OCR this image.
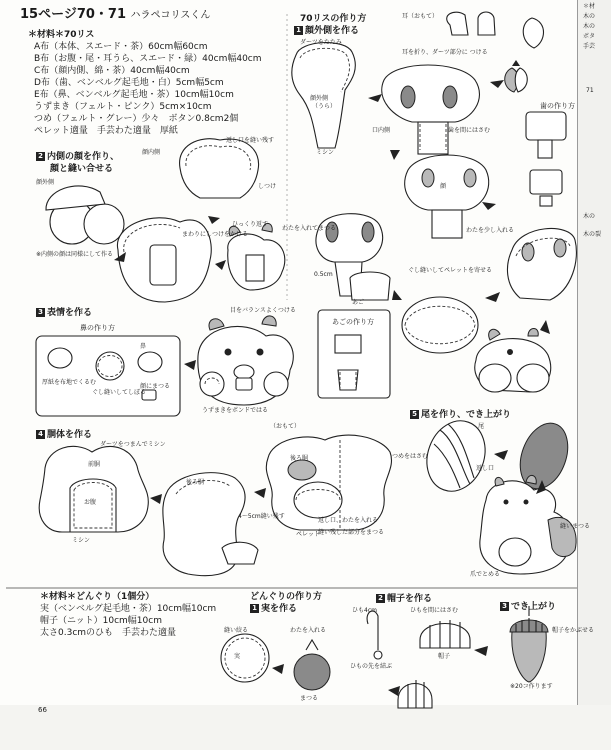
15ページ70・71 ハラペコリスくん
＊材料＊70リス
A布（本体、スエード・茶）60cm幅60cm
B布（お腹・尾・耳うら、スエード・緑）40cm幅40cm
C布（顔内側、綿・茶）40cm幅40cm
D布（歯、ベンベルグ起毛地・白）5cm幅5cm
E布（鼻、ベンベルグ起毛地・茶）10cm幅10cm
うずまき（フェルト・ピンク）5cm×10cm
つめ（フェルト・グレー）少々　ボタン0.8cm2個
ペレット適量　手芸わた適量　厚紙
70リスの作り方
1 顔外側を作る
2 内側の顔を作り、
顔と縫い合せる
3 表情を作る
4 胴体を作る
5 尾を作り、でき上がり
鼻の作り方
歯の作り方
あごの作り方
ダーツをたたみ
顔外側
（うら）
ミシン
耳（おもて）
耳を折り、ダーツ部分に つける
口内側	歯を間にはさむ
顔
わたを少し入れる
ぐし縫いしてペレットを寄せる
あご
0.5cm
返し口を縫い残す
顔内側
顔外側
※内側の顔は同様にして作る
まわりにしつけをかける
ひっくり返す
しつけ
わたを入れてまつる
目をバランスよくつける
うずまきをボンドではる
厚紙を布地でくるむ
ぐし縫いしてしぼる
鼻
顔にまつる
ダーツをつまんでミシン
前胴
お腹
ミシン
後ろ胴
4～5cm縫い残す
（おもて）
後ろ胴
ペレット
返し口、わたを入れる
縫い残した部分をまつる
つめをはさむ
尾
返し口
爪でとめる
縫いまつる
＊材料＊どんぐり（1個分）
実（ベンベルグ起毛地・茶）10cm幅10cm
帽子（ニット）10cm幅10cm
太さ0.3cmのひも　手芸わた適量
どんぐりの作り方
1 実を作る
2 帽子を作る
3 でき上がり
縫い絞る	わたを入れる
実
まつる
ひも4cm	ひもを間にはさむ
ひもの先を結ぶ
帽子
帽子をかぶせる
※20コ作ります
66
＊材
木の
木の
ボタ
手芸
71
木の
木の裂
